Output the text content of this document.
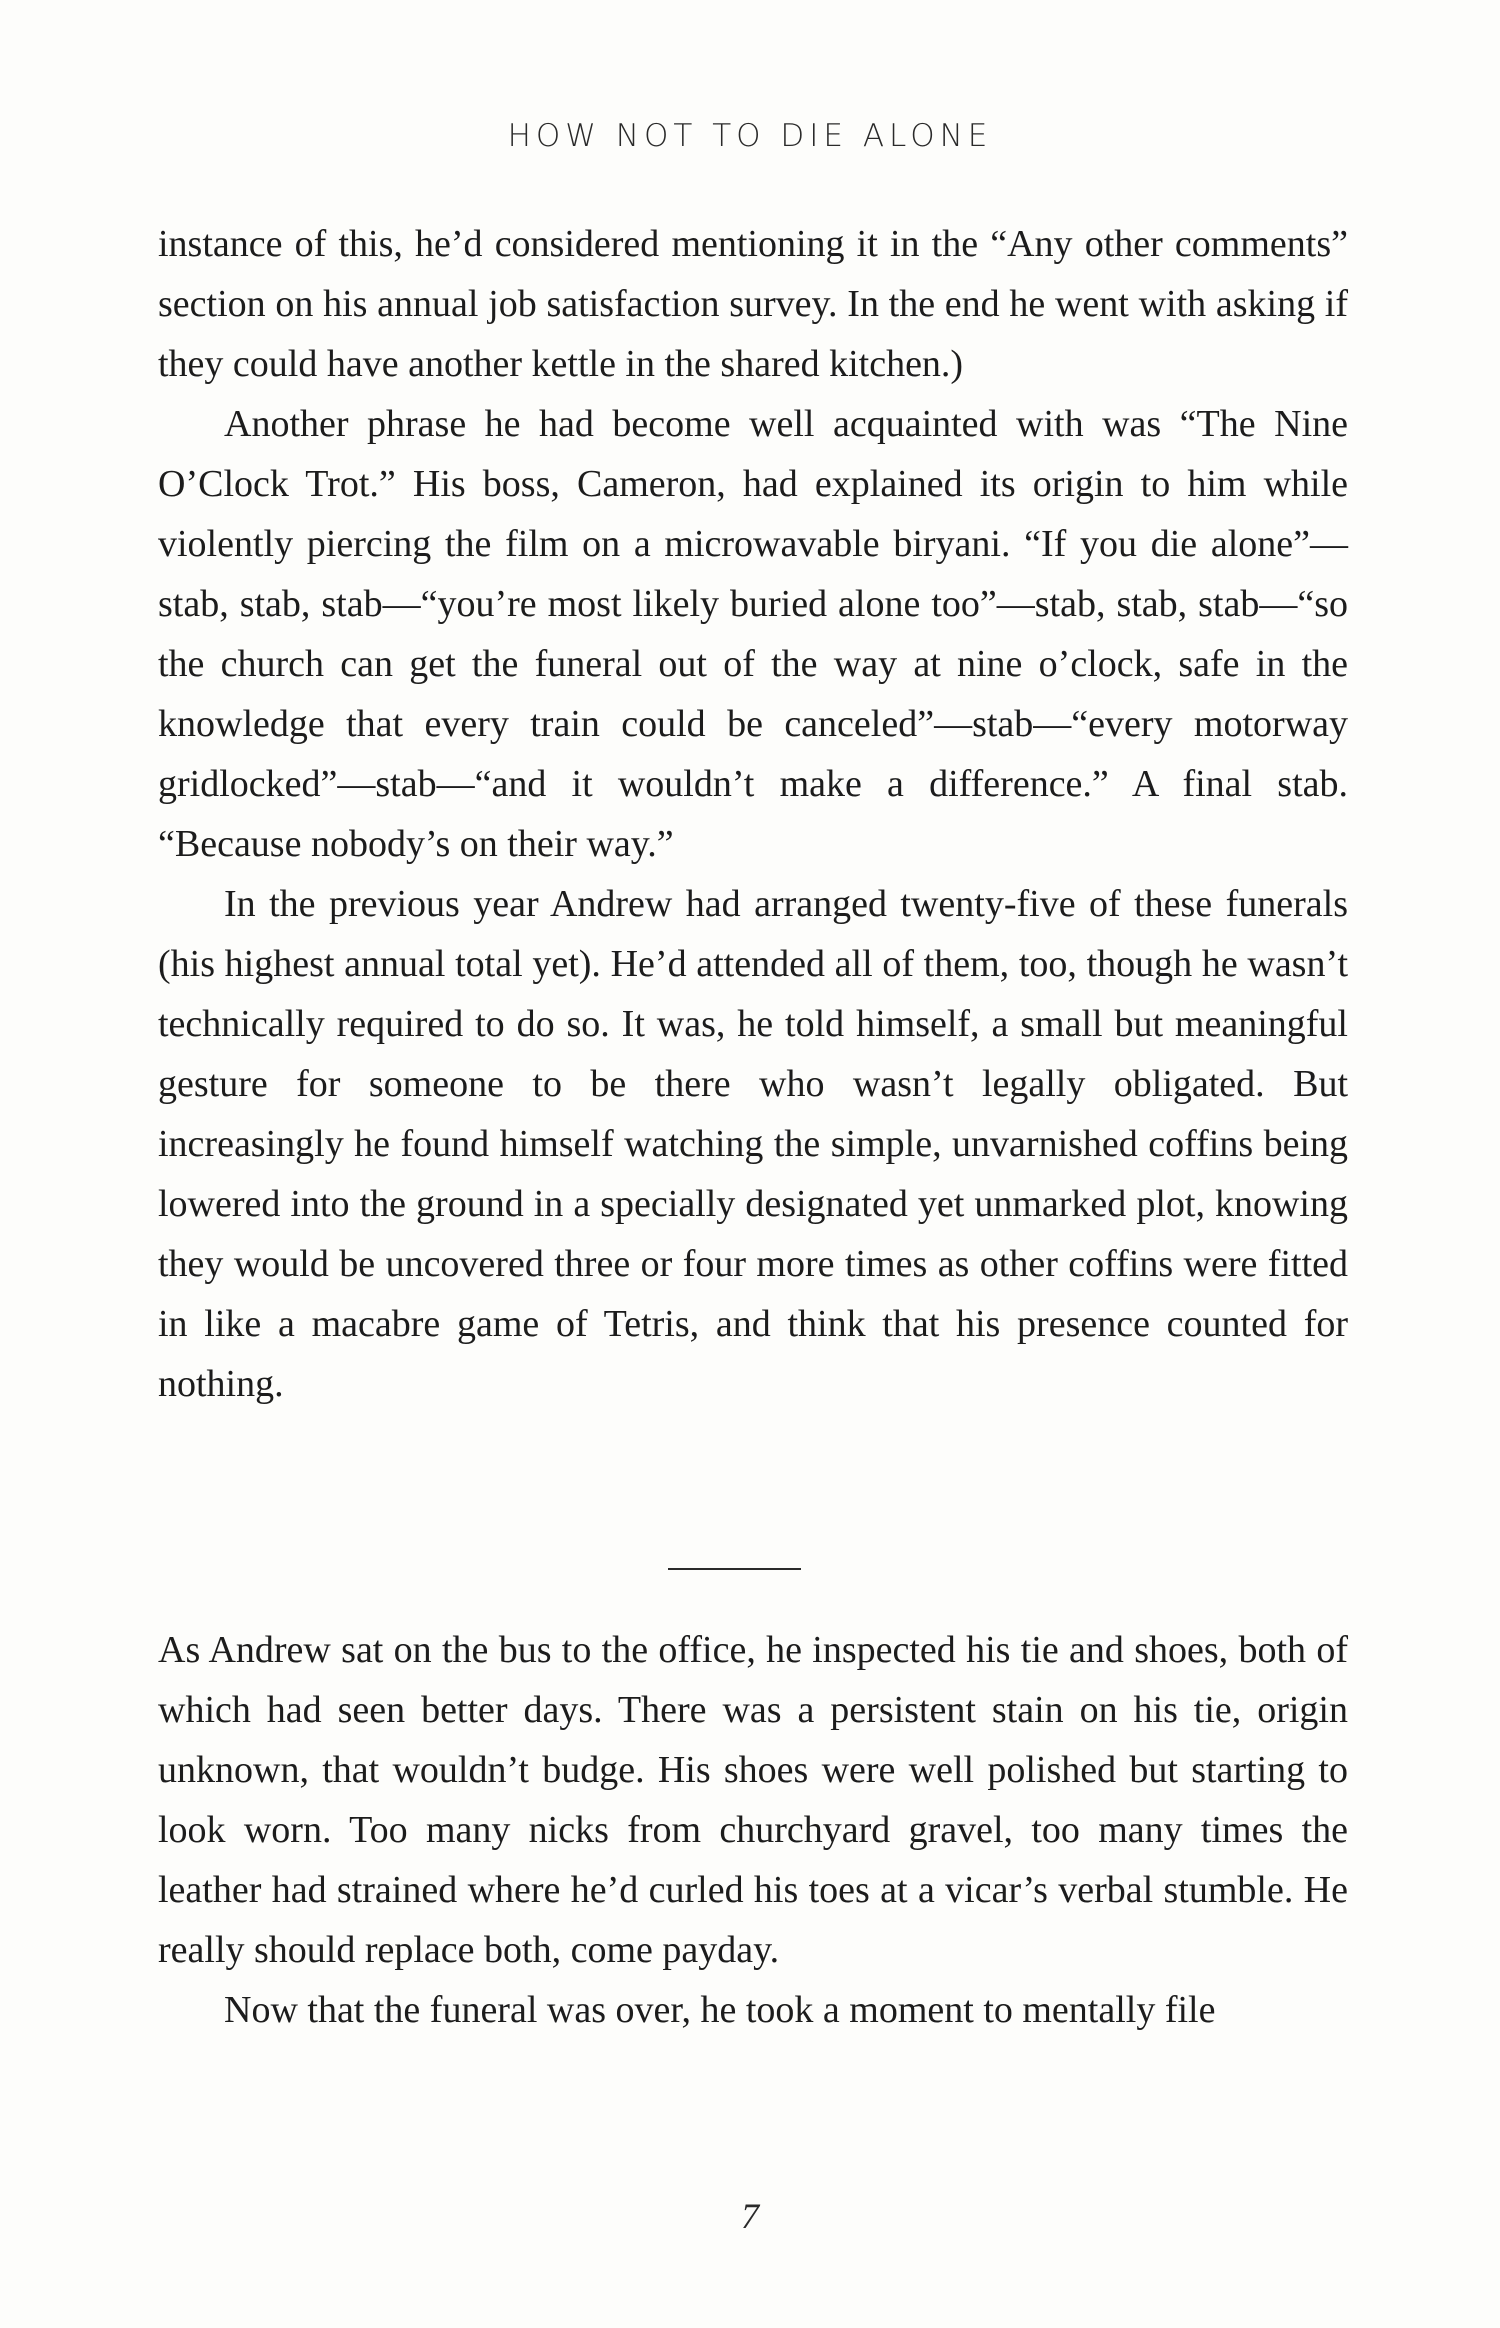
HOW NOT TO DIE ALONE

instance of this, he’d considered mentioning it in the “Any other comments” section on his annual job satisfaction survey. In the end he went with asking if they could have another kettle in the shared kitchen.)

Another phrase he had become well acquainted with was “The Nine O’Clock Trot.” His boss, Cameron, had explained its origin to him while violently piercing the film on a microwavable biryani. “If you die alone”—stab, stab, stab—“you’re most likely buried alone too”—stab, stab, stab—“so the church can get the funeral out of the way at nine o’clock, safe in the knowledge that every train could be canceled”—stab—“every motorway gridlocked”—stab—“and it wouldn’t make a difference.” A final stab. “Because nobody’s on their way.”

In the previous year Andrew had arranged twenty-five of these funerals (his highest annual total yet). He’d attended all of them, too, though he wasn’t technically required to do so. It was, he told himself, a small but meaningful gesture for someone to be there who wasn’t legally obligated. But increasingly he found himself watching the simple, unvarnished coffins being lowered into the ground in a specially designated yet unmarked plot, knowing they would be uncovered three or four more times as other coffins were fitted in like a macabre game of Tetris, and think that his presence counted for nothing.

As Andrew sat on the bus to the office, he inspected his tie and shoes, both of which had seen better days. There was a persistent stain on his tie, origin unknown, that wouldn’t budge. His shoes were well polished but starting to look worn. Too many nicks from churchyard gravel, too many times the leather had strained where he’d curled his toes at a vicar’s verbal stumble. He really should replace both, come payday.

Now that the funeral was over, he took a moment to mentally file

7
